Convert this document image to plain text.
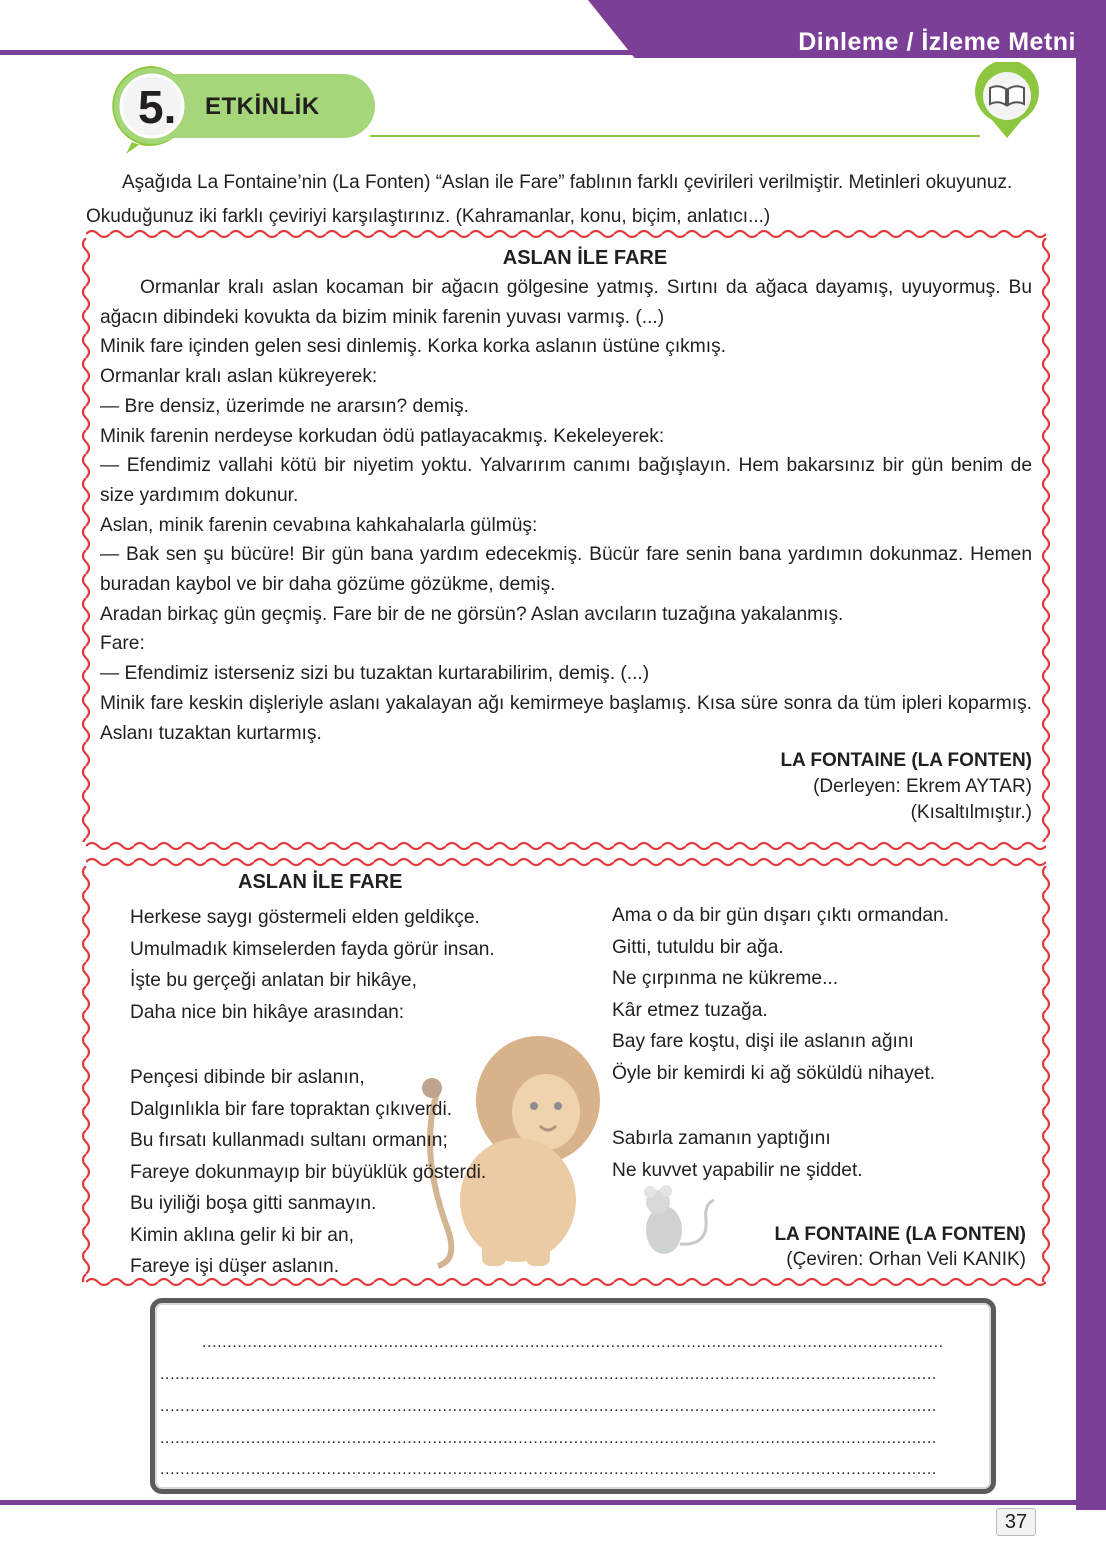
Dinleme / İzleme Metni
5. ETKİNLİK

Aşağıda La Fontaine’nin (La Fonten) “Aslan ile Fare” fablının farklı çevirileri verilmiştir. Metinleri okuyunuz. Okuduğunuz iki farklı çeviriyi karşılaştırınız. (Kahramanlar, konu, biçim, anlatıcı...)

ASLAN İLE FARE
Ormanlar kralı aslan kocaman bir ağacın gölgesine yatmış. Sırtını da ağaca dayamış, uyuyormuş. Bu ağacın dibindeki kovukta da bizim minik farenin yuvası varmış. (...)
Minik fare içinden gelen sesi dinlemiş. Korka korka aslanın üstüne çıkmış.
Ormanlar kralı aslan kükreyerek:
— Bre densiz, üzerimde ne ararsın? demiş.
Minik farenin nerdeyse korkudan ödü patlayacakmış. Kekeleyerek:
— Efendimiz vallahi kötü bir niyetim yoktu. Yalvarırım canımı bağışlayın. Hem bakarsınız bir gün benim de size yardımım dokunur.
Aslan, minik farenin cevabına kahkahalarla gülmüş:
— Bak sen şu bücüre! Bir gün bana yardım edecekmiş. Bücür fare senin bana yardımın dokunmaz. Hemen buradan kaybol ve bir daha gözüme gözükme, demiş.
Aradan birkaç gün geçmiş. Fare bir de ne görsün? Aslan avcıların tuzağına yakalanmış.
Fare:
— Efendimiz isterseniz sizi bu tuzaktan kurtarabilirim, demiş. (...)
Minik fare keskin dişleriyle aslanı yakalayan ağı kemirmeye başlamış. Kısa süre sonra da tüm ipleri koparmış. Aslanı tuzaktan kurtarmış.
LA FONTAINE (LA FONTEN)
(Derleyen: Ekrem AYTAR)
(Kısaltılmıştır.)
ASLAN İLE FARE
Herkese saygı göstermeli elden geldikçe.
Umulmadık kimselerden fayda görür insan.
İşte bu gerçeği anlatan bir hikâye,
Daha nice bin hikâye arasından:
Pençesi dibinde bir aslanın,
Dalgınlıkla bir fare topraktan çıkıverdi.
Bu fırsatı kullanmadı sultanı ormanın;
Fareye dokunmayıp bir büyüklük gösterdi.
Bu iyiliği boşa gitti sanmayın.
Kimin aklına gelir ki bir an,
Fareye işi düşer aslanın.
Ama o da bir gün dışarı çıktı ormandan.
Gitti, tutuldu bir ağa.
Ne çırpınma ne kükreme...
Kâr etmez tuzağa.
Bay fare koştu, dişi ile aslanın ağını
Öyle bir kemirdi ki ağ söküldü nihayet.
Sabırla zamanın yaptığını
Ne kuvvet yapabilir ne şiddet.
LA FONTAINE (LA FONTEN)
(Çeviren: Orhan Veli KANIK)
...................................................................................................................................................
..........................................................................................................................................................
..........................................................................................................................................................
..........................................................................................................................................................
..........................................................................................................................................................
37
